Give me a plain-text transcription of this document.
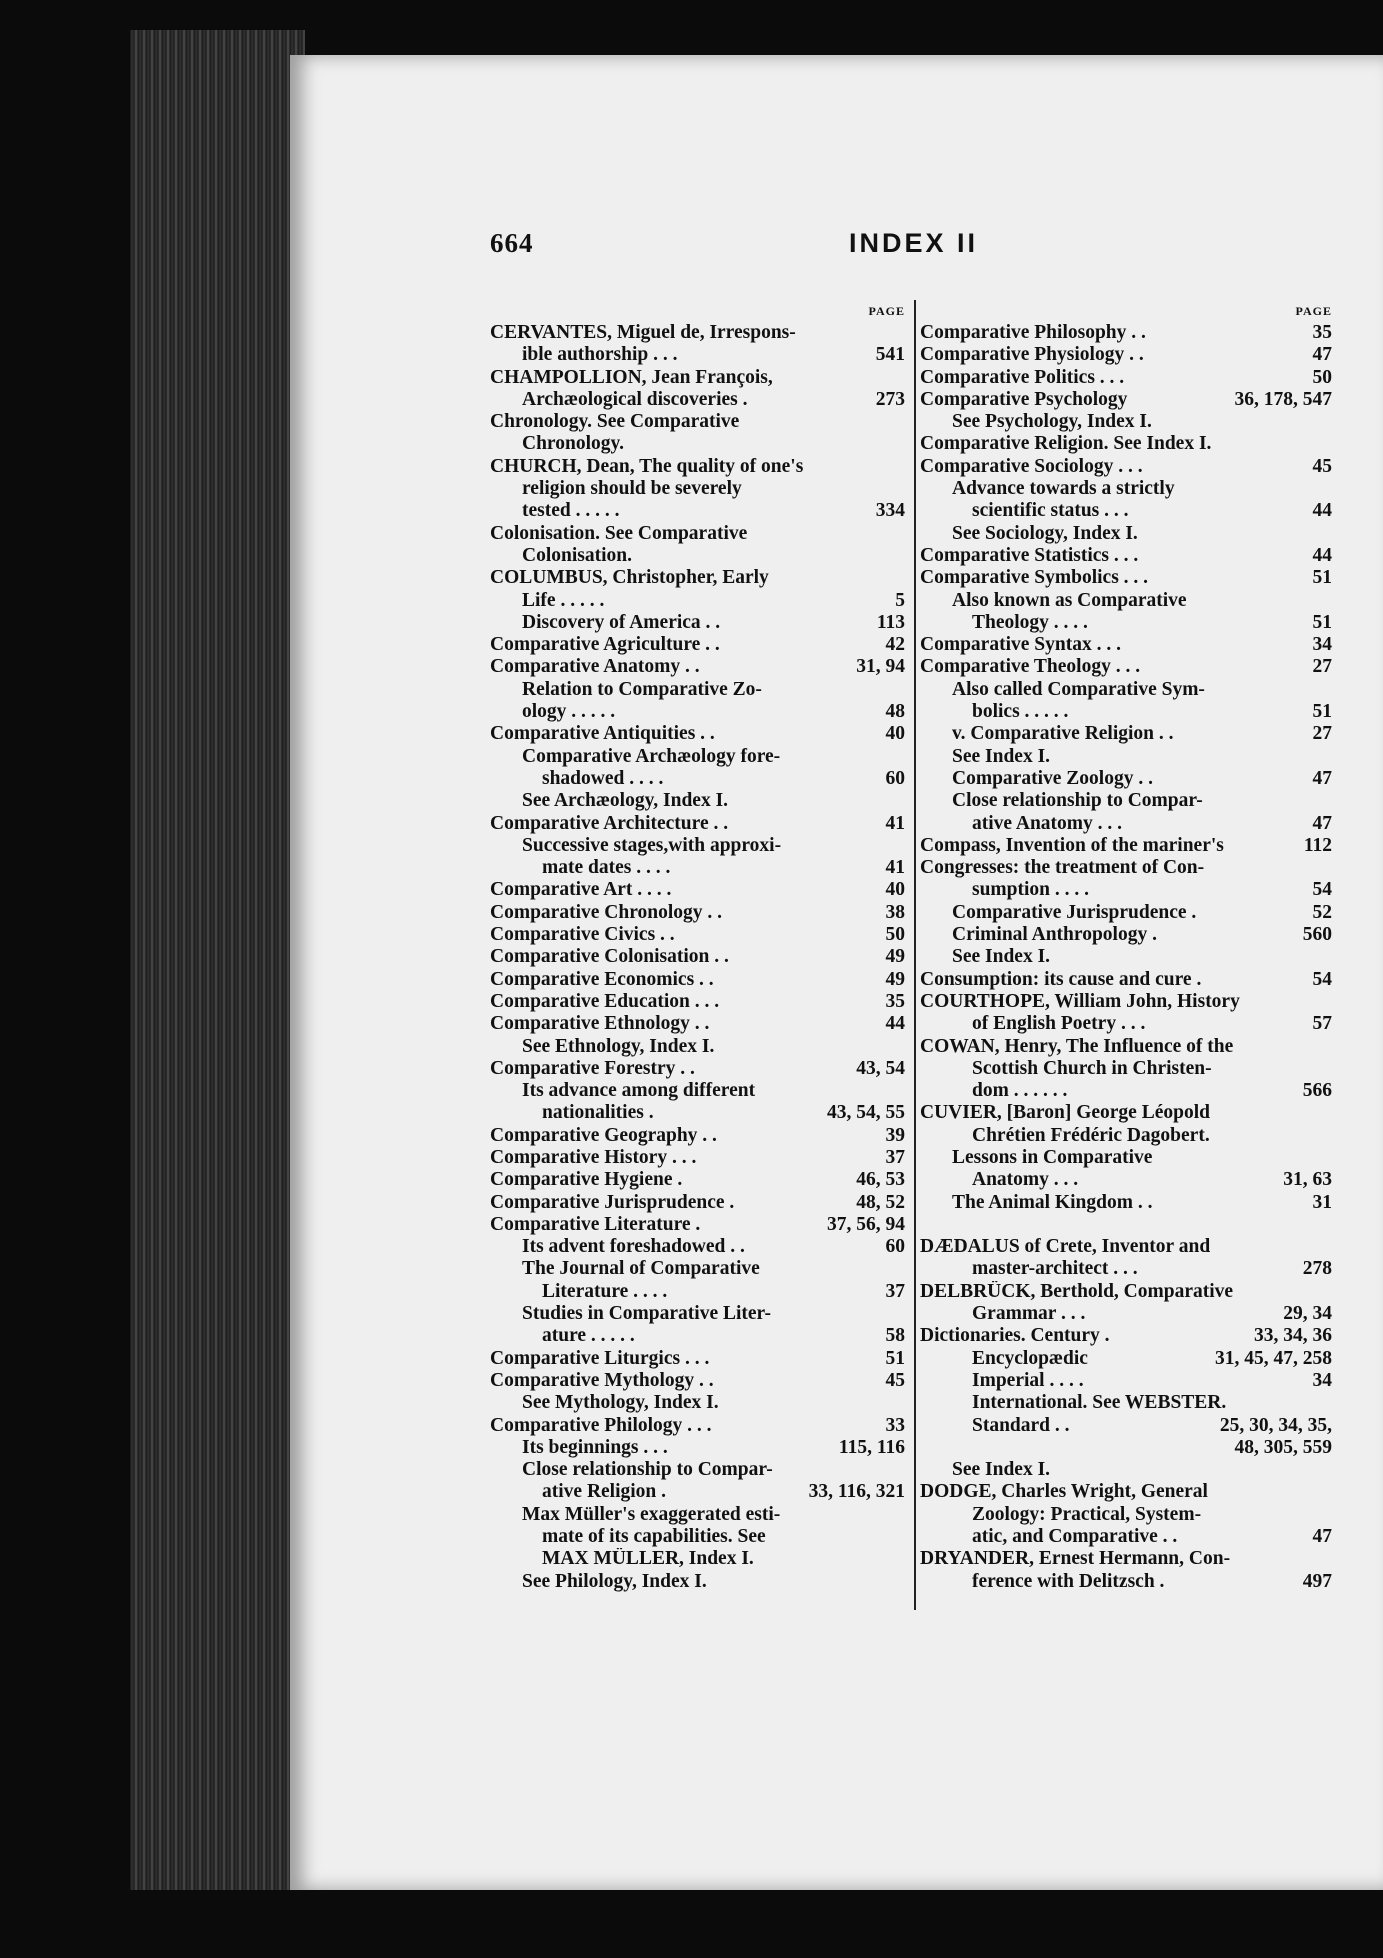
664	INDEX II
PAGE
CERVANTES, Miguel de, Irrespons-
541
ible authorship . . .
CHAMPOLLION, Jean François,
273
Archæological discoveries .
Chronology. See Comparative
Chronology.
CHURCH, Dean, The quality of one's
religion should be severely
334
tested . . . . .
Colonisation. See Comparative
Colonisation.
COLUMBUS, Christopher, Early
5
Life . . . . .
113
Discovery of America . .
42
Comparative Agriculture . .
31, 94
Comparative Anatomy . .
Relation to Comparative Zo-
48
ology . . . . .
40
Comparative Antiquities . .
Comparative Archæology fore-
60
shadowed . . . .
See Archæology, Index I.
41
Comparative Architecture . .
Successive stages,with approxi-
41
mate dates . . . .
40
Comparative Art . . . .
38
Comparative Chronology . .
50
Comparative Civics . .
49
Comparative Colonisation . .
49
Comparative Economics . .
35
Comparative Education . . .
44
Comparative Ethnology . .
See Ethnology, Index I.
43, 54
Comparative Forestry . .
Its advance among different
43, 54, 55
nationalities .
39
Comparative Geography . .
37
Comparative History . . .
46, 53
Comparative Hygiene .
48, 52
Comparative Jurisprudence .
37, 56, 94
Comparative Literature .
60
Its advent foreshadowed . .
The Journal of Comparative
37
Literature . . . .
Studies in Comparative Liter-
58
ature . . . . .
51
Comparative Liturgics . . .
45
Comparative Mythology . .
See Mythology, Index I.
33
Comparative Philology . . .
115, 116
Its beginnings . . .
Close relationship to Compar-
33, 116, 321
ative Religion .
Max Müller's exaggerated esti-
mate of its capabilities. See
MAX MÜLLER, Index I.
See Philology, Index I.
PAGE
35
Comparative Philosophy . .
47
Comparative Physiology . .
50
Comparative Politics . . .
36, 178, 547
Comparative Psychology
See Psychology, Index I.
Comparative Religion. See Index I.
45
Comparative Sociology . . .
Advance towards a strictly
44
scientific status . . .
See Sociology, Index I.
44
Comparative Statistics . . .
51
Comparative Symbolics . . .
Also known as Comparative
51
Theology . . . .
34
Comparative Syntax . . .
27
Comparative Theology . . .
Also called Comparative Sym-
51
bolics . . . . .
27
v. Comparative Religion . .
See Index I.
47
Comparative Zoology . .
Close relationship to Compar-
47
ative Anatomy . . .
112
Compass, Invention of the mariner's
Congresses: the treatment of Con-
54
sumption . . . .
52
Comparative Jurisprudence .
560
Criminal Anthropology .
See Index I.
54
Consumption: its cause and cure .
COURTHOPE, William John, History
57
of English Poetry . . .
COWAN, Henry, The Influence of the
Scottish Church in Christen-
566
dom . . . . . .
CUVIER, [Baron] George Léopold
Chrétien Frédéric Dagobert.
Lessons in Comparative
31, 63
Anatomy . . .
31
The Animal Kingdom . .
DÆDALUS of Crete, Inventor and
278
master-architect . . .
DELBRÜCK, Berthold, Comparative
29, 34
Grammar . . .
33, 34, 36
Dictionaries. Century .
31, 45, 47, 258
Encyclopædic
34
Imperial . . . .
International. See WEBSTER.
25, 30, 34, 35,
Standard . .
48, 305, 559
See Index I.
DODGE, Charles Wright, General
Zoology: Practical, System-
47
atic, and Comparative . .
DRYANDER, Ernest Hermann, Con-
497
ference with Delitzsch .
